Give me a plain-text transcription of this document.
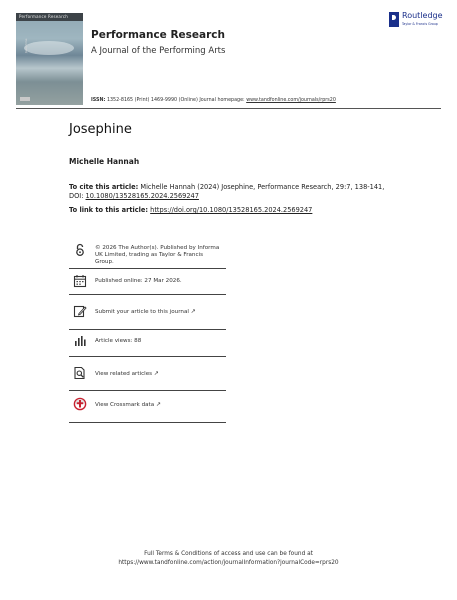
Performance Research
Josephine
Performance Research
A Journal of the Performing Arts
Routledge
Taylor & Francis Group
ISSN: 1352-8165 (Print) 1469-9990 (Online) Journal homepage: www.tandfonline.com/journals/rprs20
Josephine
Michelle Hannah
To cite this article: Michelle Hannah (2024) Josephine, Performance Research, 29:7, 138-141,
DOI: 10.1080/13528165.2024.2569247
To link to this article: https://doi.org/10.1080/13528165.2024.2569247
© 2026 The Author(s). Published by Informa
UK Limited, trading as Taylor & Francis
Group.
Published online: 27 Mar 2026.
Submit your article to this journal ↗
Article views: 88
View related articles ↗
View Crossmark data ↗
Full Terms & Conditions of access and use can be found at
https://www.tandfonline.com/action/journalInformation?journalCode=rprs20
